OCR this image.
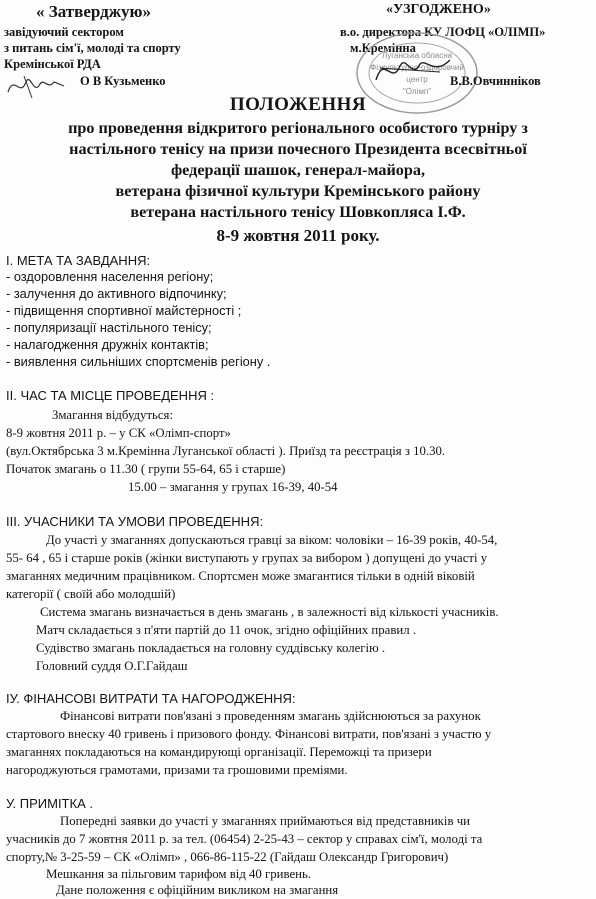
« Затверджую»
завідуючий сектором
з питань сім'ї, молоді та спорту
Кремінської РДА
О В Кузьменко
«УЗГОДЖЕНО»
в.о. директора КУ ЛОФЦ «ОЛІМП»
м.Кремінна
Луганська обласна
Фізкультурно-оздоровчий
центр
"Олімп"
В.В.Овчинніков
ПОЛОЖЕННЯ
про проведення відкритого регіонального особистого турніру з
настільного тенісу на призи почесного Президента всесвітньої
федерації шашок, генерал-майора,
ветерана фізичної культури Кремінського району
ветерана настільного тенісу Шовкопляса І.Ф.
8-9 жовтня 2011 року.
І. МЕТА ТА ЗАВДАННЯ:
- оздоровлення населення регіону;
- залучення до активного відпочинку;
- підвищення спортивної майстерності ;
- популяризації настільного тенісу;
- налагодження дружніх контактів;
- виявлення сильніших спортсменів регіону .
ІІ. ЧАС ТА МІСЦЕ ПРОВЕДЕННЯ :
Змагання відбудуться:
8-9 жовтня 2011 р. – у СК «Олімп-спорт»
(вул.Октябрська 3 м.Кремінна Луганської області ). Приїзд та реєстрація з 10.30.
Початок змагань о 11.30 ( групи 55-64, 65 і старше)
15.00 – змагання у групах 16-39, 40-54
ІІІ. УЧАСНИКИ ТА УМОВИ ПРОВЕДЕННЯ:
До участі у змаганнях допускаються гравці за віком: чоловіки – 16-39 років, 40-54,
55- 64 , 65 і старше років (жінки виступають у групах за вибором ) допущені до участі у
змаганнях медичним працівником. Спортсмен може змагантися тільки в одній віковій
категорії ( своїй або молодшій)
Система змагань визначається в день змагань , в залежності від кількості учасників.
Матч складається з п'яти партій до 11 очок, згідно офіційних правил .
Судівство змагань покладається на головну суддівську колегію .
Головний суддя О.Г.Гайдаш
ІУ. ФІНАНСОВІ ВИТРАТИ ТА НАГОРОДЖЕННЯ:
Фінансові витрати пов'язані з проведенням змагань здійснюються за рахунок
стартового внеску 40 гривень і призового фонду. Фінансові витрати, пов'язані з участю у
змаганнях покладаються на командирующі організації. Переможці та призери
нагороджуються грамотами, призами та грошовими преміями.
У. ПРИМІТКА .
Попередні заявки до участі у змаганнях приймаються від представників чи
учасників до 7 жовтня 2011 р. за тел. (06454) 2-25-43 – сектор у справах сім'ї, молоді та
спорту,№ 3-25-59 – СК «Олімп» , 066-86-115-22 (Гайдаш Олександр Григорович)
Мешкання за пільговим тарифом від 40 гривень.
Дане положення є офіційним викликом на змагання
